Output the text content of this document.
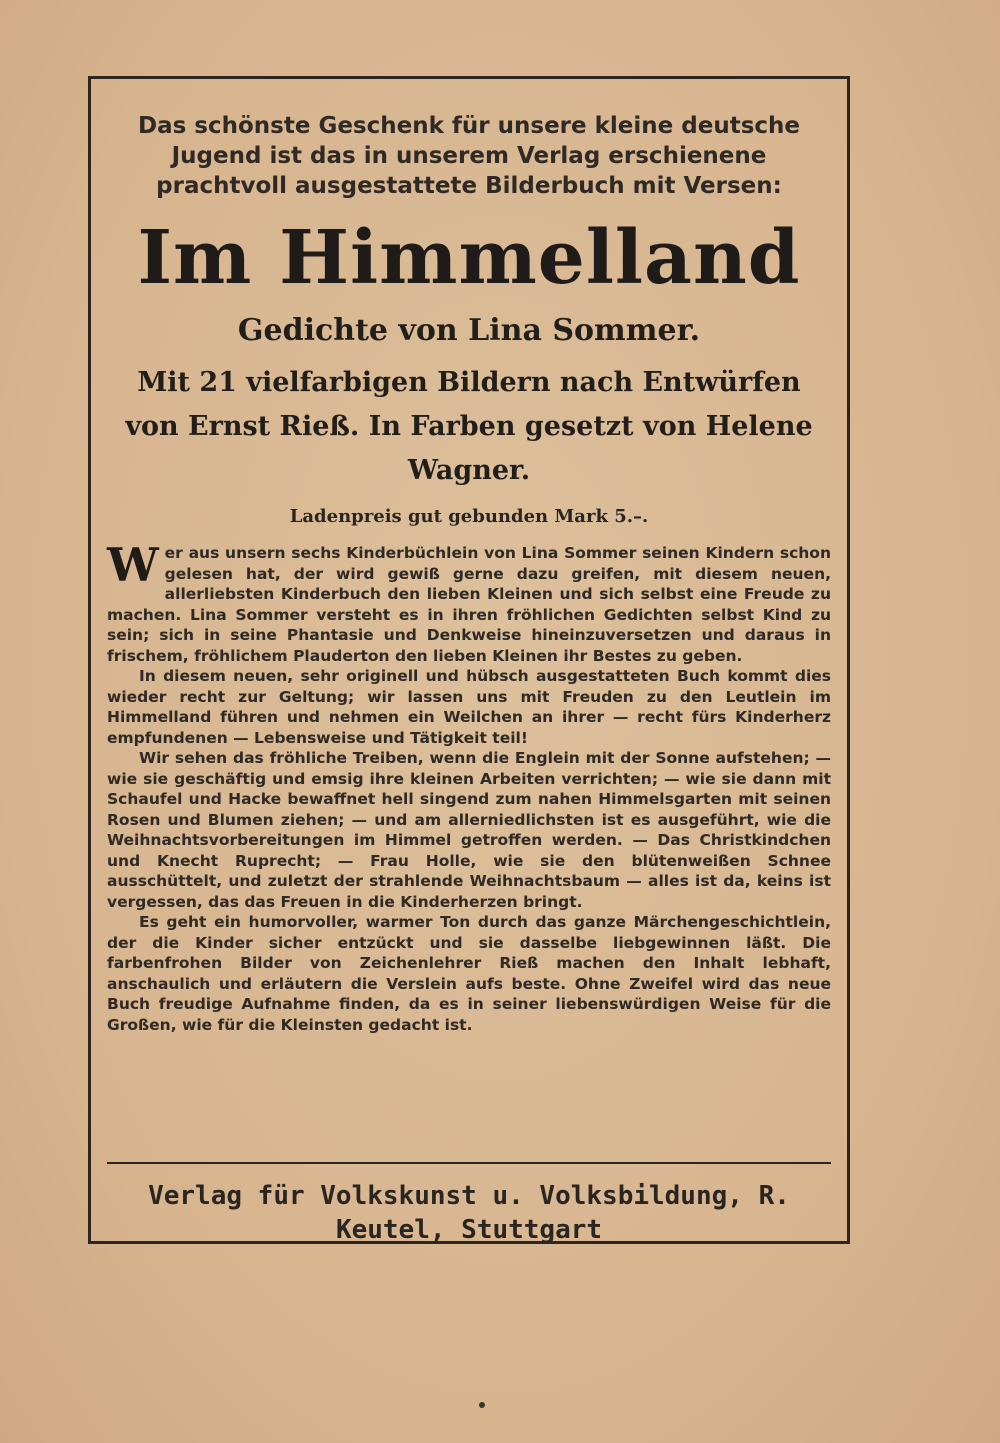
Das schönste Geschenk für unsere kleine deutsche Jugend ist das in unserem Verlag erschienene prachtvoll ausgestattete Bilderbuch mit Versen:
Im Himmelland
Gedichte von Lina Sommer.
Mit 21 vielfarbigen Bildern nach Entwürfen von Ernst Rieß. In Farben gesetzt von Helene Wagner.
Ladenpreis gut gebunden Mark 5.–.

Wer aus unsern sechs Kinderbüchlein von Lina Sommer seinen Kindern schon gelesen hat, der wird gewiß gerne dazu greifen, mit diesem neuen, allerliebsten Kinderbuch den lieben Kleinen und sich selbst eine Freude zu machen. Lina Sommer versteht es in ihren fröhlichen Gedichten selbst Kind zu sein; sich in seine Phantasie und Denkweise hineinzuversetzen und daraus in frischem, fröhlichem Plauderton den lieben Kleinen ihr Bestes zu geben.

In diesem neuen, sehr originell und hübsch ausgestatteten Buch kommt dies wieder recht zur Geltung; wir lassen uns mit Freuden zu den Leutlein im Himmelland führen und nehmen ein Weilchen an ihrer — recht fürs Kinderherz empfundenen — Lebensweise und Tätigkeit teil!

Wir sehen das fröhliche Treiben, wenn die Englein mit der Sonne aufstehen; — wie sie geschäftig und emsig ihre kleinen Arbeiten verrichten; — wie sie dann mit Schaufel und Hacke bewaffnet hell singend zum nahen Himmelsgarten mit seinen Rosen und Blumen ziehen; — und am allerniedlichsten ist es ausgeführt, wie die Weihnachtsvorbereitungen im Himmel getroffen werden. — Das Christkindchen und Knecht Ruprecht; — Frau Holle, wie sie den blütenweißen Schnee ausschüttelt, und zuletzt der strahlende Weihnachtsbaum — alles ist da, keins ist vergessen, das das Freuen in die Kinderherzen bringt.

Es geht ein humorvoller, warmer Ton durch das ganze Märchengeschichtlein, der die Kinder sicher entzückt und sie dasselbe liebgewinnen läßt. Die farbenfrohen Bilder von Zeichenlehrer Rieß machen den Inhalt lebhaft, anschaulich und erläutern die Verslein aufs beste. Ohne Zweifel wird das neue Buch freudige Aufnahme finden, da es in seiner liebenswürdigen Weise für die Großen, wie für die Kleinsten gedacht ist.

Verlag für Volkskunst u. Volksbildung, R. Keutel, Stuttgart
